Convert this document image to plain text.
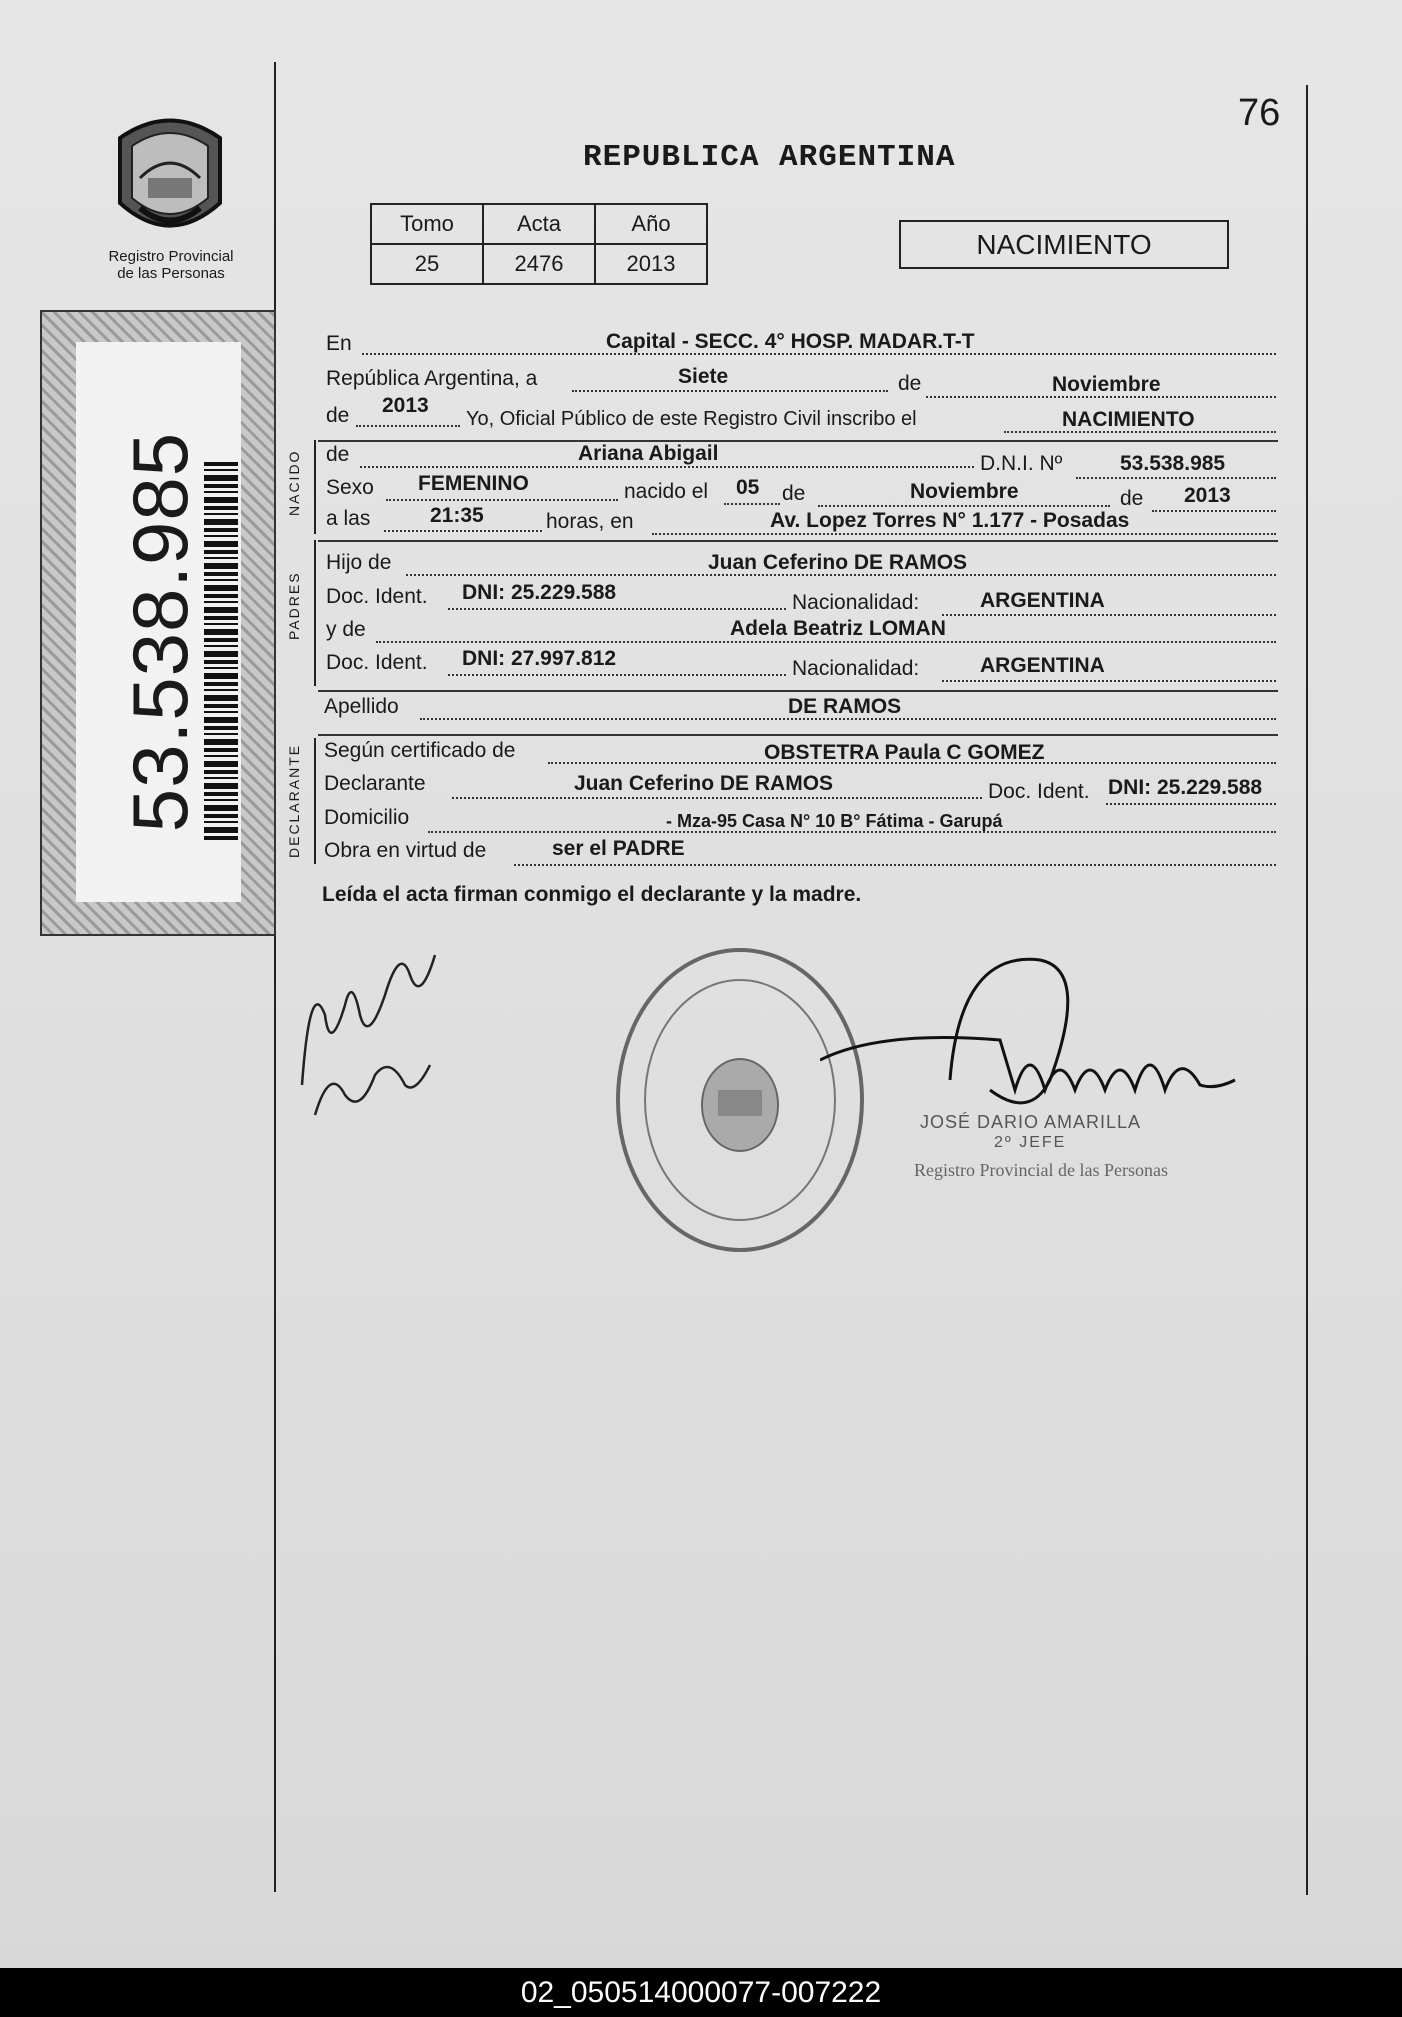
Registro Provincial
de las Personas
53.538.985
76
REPUBLICA ARGENTINA
Tomo	Acta	Año
25	2476	2013
NACIMIENTO
En	Capital - SECC. 4° HOSP. MADAR.T-T
República Argentina, a	Siete	de	Noviembre
de 2013
Yo, Oficial Público de este Registro Civil inscribo el	NACIMIENTO
NACIDO de	Ariana Abigail	D.N.I. Nº	53.538.985
Sexo FEMENINO	nacido el 05 de	Noviembre	de 2013
a las	21:35	horas, en	Av. Lopez Torres N° 1.177 - Posadas
PADRES
Hijo de	Juan Ceferino DE RAMOS
Doc. Ident. DNI: 25.229.588	Nacionalidad:	ARGENTINA
y de	Adela Beatriz LOMAN
Doc. Ident. DNI: 27.997.812	Nacionalidad:	ARGENTINA
Apellido	DE RAMOS
DECLARANTE Según certificado de	OBSTETRA Paula C GOMEZ
Declarante	Juan Ceferino DE RAMOS	Doc. Ident. DNI: 25.229.588
Domicilio	- Mza-95 Casa N° 10 B° Fátima - Garupá
Obra en virtud de	ser el PADRE
Leída el acta firman conmigo el declarante y la madre.
JOSÉ DARIO AMARILLA
2º JEFE
Registro Provincial de las Personas
02_050514000077-007222
